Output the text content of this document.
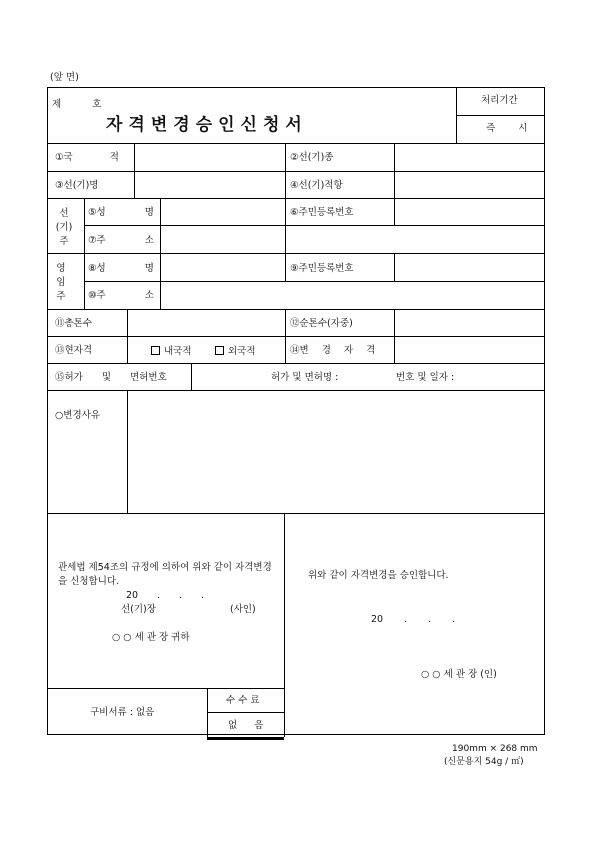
(앞 면)
제 호
자격변경승인신청서
처리기간
즉 시
①국 적	②선(기)종
③선(기)명	④선(기)적항
선(기)주
⑤성 명	⑥주민등록번호
⑦주 소
영임주
⑧성 명	⑨주민등록번호
⑩주 소
⑪총톤수	⑫순톤수(자중)
⑬현자격	내국적	외국적	⑭변 경 자 격
⑮허가 및 면허번호	허가 및 면허명 :	번호 및 일자 :
○변경사유
관세법 제54조의 규정에 의하여 위와 같이 자격변경을 신청합니다.
20 . . .
선(기)장	(사인)
○ ○ 세 관 장 귀하
위와 같이 자격변경을 승인합니다.
20 . . .
○ ○ 세 관 장 (인)
구비서류 : 없음
수 수 료
없 음
190mm × 268 mm
(신문용지 54g / ㎡)
